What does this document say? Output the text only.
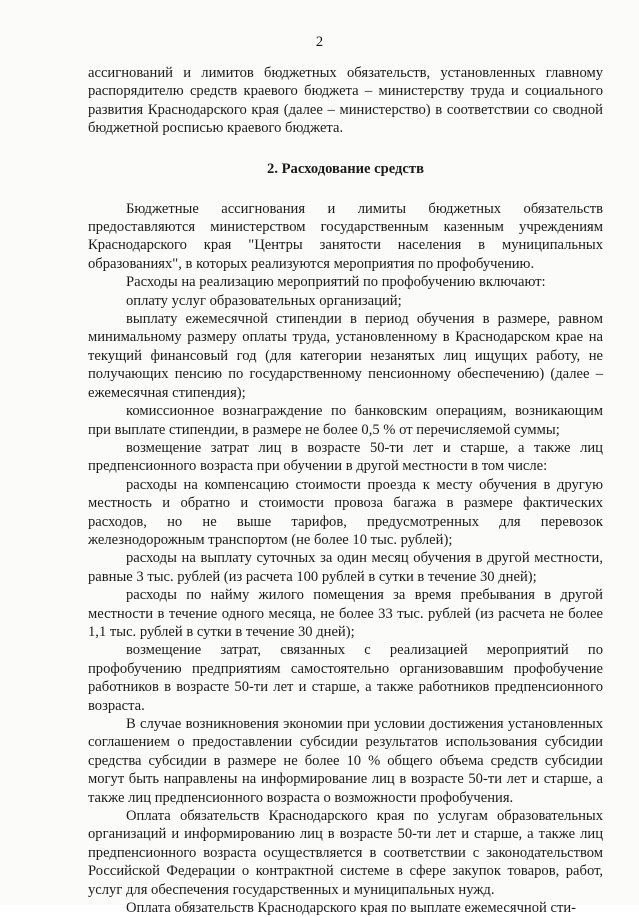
2

ассигнований и лимитов бюджетных обязательств, установленных главному распорядителю средств краевого бюджета – министерству труда и социального развития Краснодарского края (далее – министерство) в соответствии со сводной бюджетной росписью краевого бюджета.

2. Расходование средств

Бюджетные ассигнования и лимиты бюджетных обязательств предоставляются министерством государственным казенным учреждениям Краснодарского края "Центры занятости населения в муниципальных образованиях", в которых реализуются мероприятия по профобучению.

Расходы на реализацию мероприятий по профобучению включают:

оплату услуг образовательных организаций;

выплату ежемесячной стипендии в период обучения в размере, равном минимальному размеру оплаты труда, установленному в Краснодарском крае на текущий финансовый год (для категории незанятых лиц ищущих работу, не получающих пенсию по государственному пенсионному обеспечению) (далее – ежемесячная стипендия);

комиссионное вознаграждение по банковским операциям, возникающим при выплате стипендии, в размере не более 0,5 % от перечисляемой суммы;

возмещение затрат лиц в возрасте 50-ти лет и старше, а также лиц предпенсионного возраста при обучении в другой местности в том числе:

расходы на компенсацию стоимости проезда к месту обучения в другую местность и обратно и стоимости провоза багажа в размере фактических расходов, но не выше тарифов, предусмотренных для перевозок железнодорожным транспортом (не более 10 тыс. рублей);

расходы на выплату суточных за один месяц обучения в другой местности, равные 3 тыс. рублей (из расчета 100 рублей в сутки в течение 30 дней);

расходы по найму жилого помещения за время пребывания в другой местности в течение одного месяца, не более 33 тыс. рублей (из расчета не более 1,1 тыс. рублей в сутки в течение 30 дней);

возмещение затрат, связанных с реализацией мероприятий по профобучению предприятиям самостоятельно организовавшим профобучение работников в возрасте 50-ти лет и старше, а также работников предпенсионного возраста.

В случае возникновения экономии при условии достижения установленных соглашением о предоставлении субсидии результатов использования субсидии средства субсидии в размере не более 10 % общего объема средств субсидии могут быть направлены на информирование лиц в возрасте 50-ти лет и старше, а также лиц предпенсионного возраста о возможности профобучения.

Оплата обязательств Краснодарского края по услугам образовательных организаций и информированию лиц в возрасте 50-ти лет и старше, а также лиц предпенсионного возраста осуществляется в соответствии с законодательством Российской Федерации о контрактной системе в сфере закупок товаров, работ, услуг для обеспечения государственных и муниципальных нужд.

Оплата обязательств Краснодарского края по выплате ежемесячной сти-
